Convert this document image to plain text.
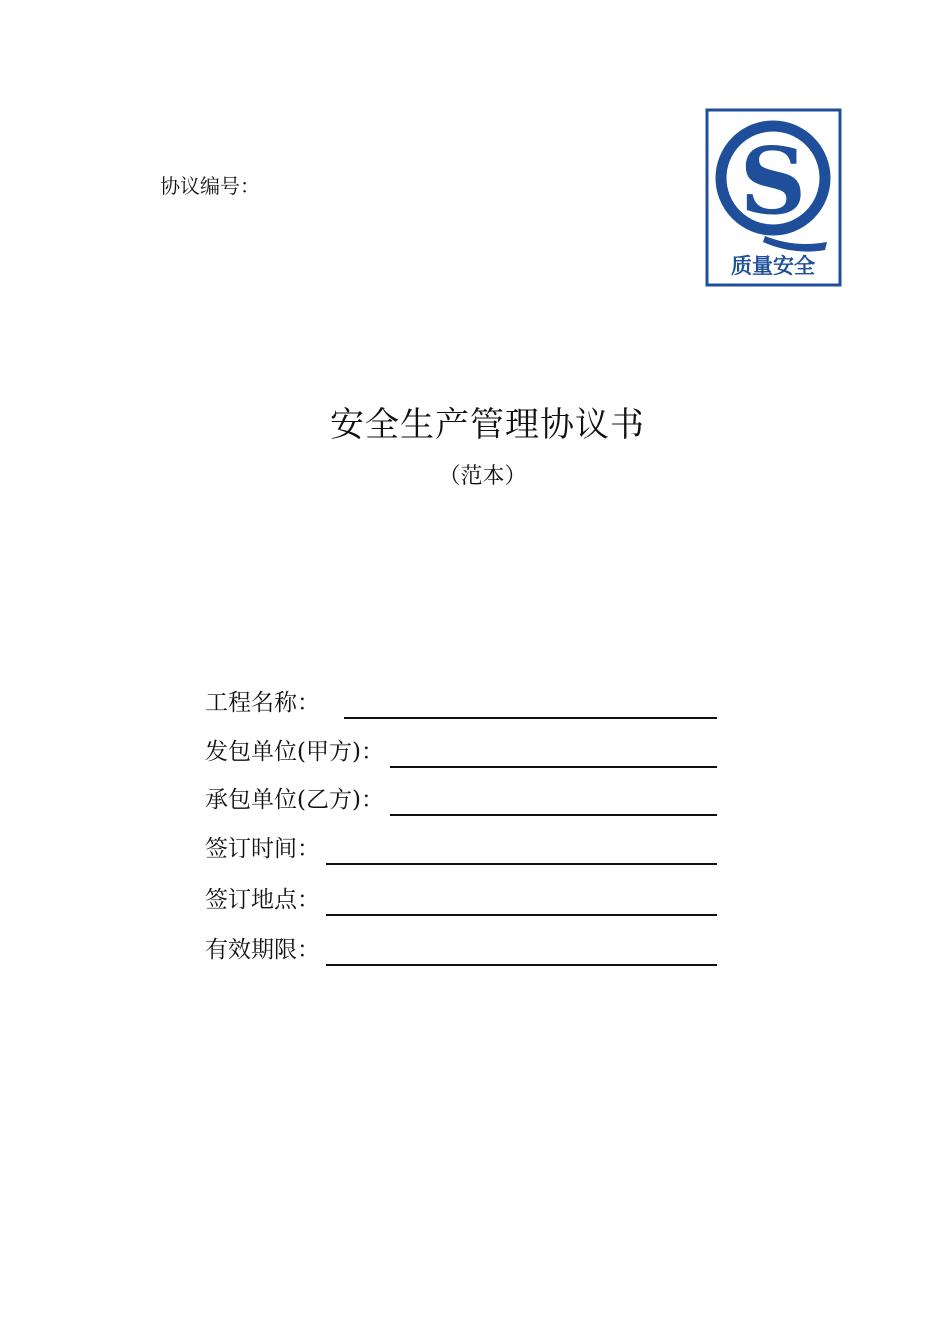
协议编号：	S
质量安全
安全生产管理协议书
（范本）
工程名称：
发包单位(甲方)：
承包单位(乙方)：
签订时间：
签订地点：
有效期限：
